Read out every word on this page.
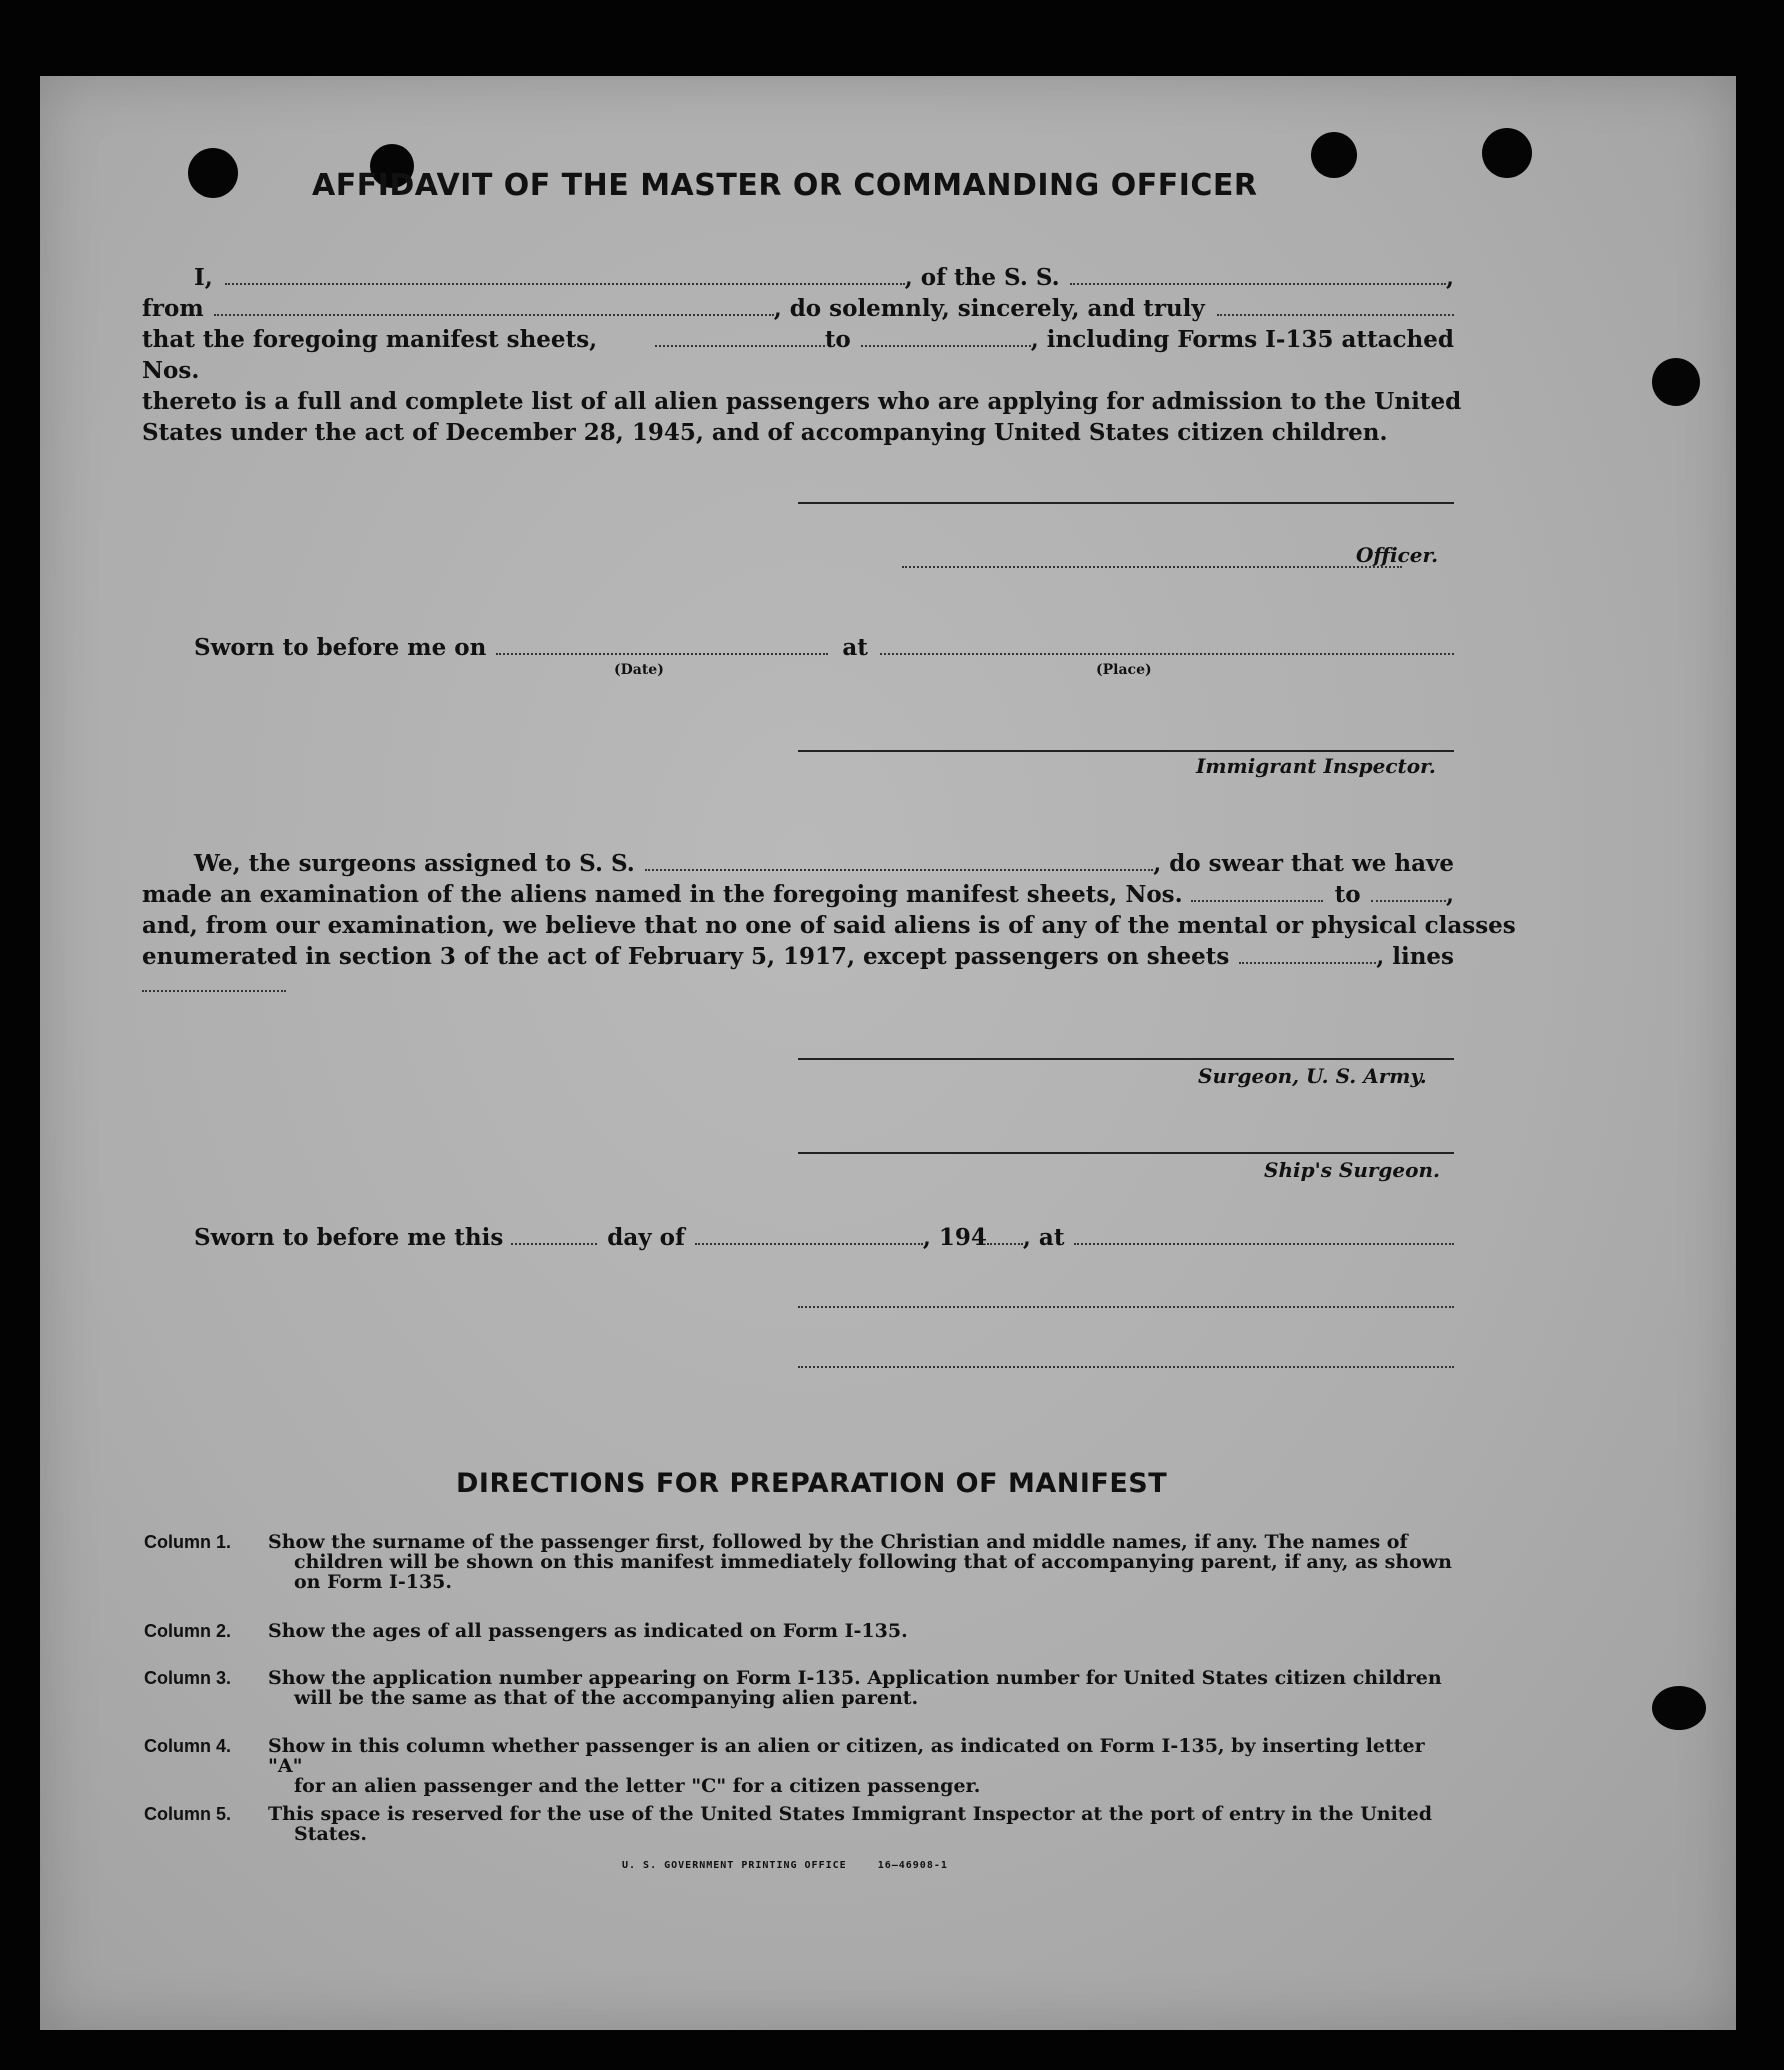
AFFIDAVIT OF THE MASTER OR COMMANDING OFFICER
I,	, of the S. S.	,
from	, do solemnly, sincerely, and truly
that the foregoing manifest sheets, Nos.
to	, including Forms I-135 attached
thereto is a full and complete list of all alien passengers who are applying for admission to the United
States under the act of December 28, 1945, and of accompanying United States citizen children.
Officer.
Sworn to before me on	at
(Date)	(Place)
Immigrant Inspector.
We, the surgeons assigned to S. S.	, do swear that we have
made an examination of the aliens named in the foregoing manifest sheets, Nos.	to	,
and, from our examination, we believe that no one of said aliens is of any of the mental or physical classes
enumerated in section 3 of the act of February 5, 1917, except passengers on sheets	, lines
Surgeon, U. S. Army.
Ship's Surgeon.
Sworn to before me this	day of	, 194 , at
DIRECTIONS FOR PREPARATION OF MANIFEST
Column 1. Show the surname of the passenger first, followed by the Christian and middle names, if any. The names of
children will be shown on this manifest immediately following that of accompanying parent, if any, as shown
on Form I-135.
Column 2. Show the ages of all passengers as indicated on Form I-135.
Column 3. Show the application number appearing on Form I-135. Application number for United States citizen children
will be the same as that of the accompanying alien parent.
Column 4. Show in this column whether passenger is an alien or citizen, as indicated on Form I-135, by inserting letter "A"
for an alien passenger and the letter "C" for a citizen passenger.
Column 5. This space is reserved for the use of the United States Immigrant Inspector at the port of entry in the United
States.
U. S. GOVERNMENT PRINTING OFFICE	16—46908-1
